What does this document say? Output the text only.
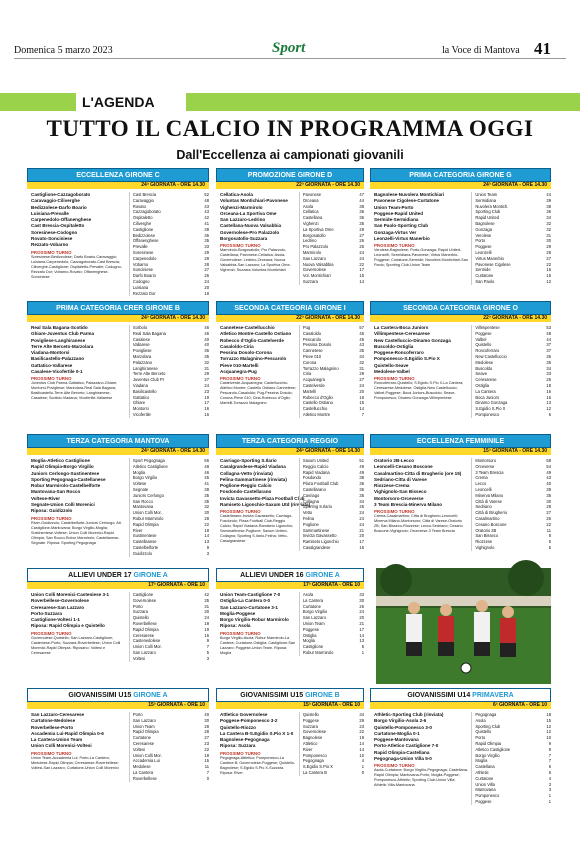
Domenica 5 marzo 2023	Sport	la Voce di Mantova 41
L'AGENDA
TUTTO IL CALCIO IN PROGRAMMA OGGI
Dall'Eccellenza ai campionati giovanili
ECCELLENZA GIRONE C
24ª GIORNATA - ORE 14.30
Castiglione-Cazzagoborato
Caravaggio-Ciliverghe
Bedizzolese-Darfo Boario
Luisiana-Prevalle
Carpenedolo-Offanenghese
Cast Brescia-Ospitaletto
Soresinese-Codogno
Rovato-Sonciniese
Rezzato-Vobarno
PROSSIMO TURNO
Soresinese-Bedizzolese; Darfo Boario-Caravaggio; Luisiana-Carpenedolo; Cazzagoborato-Cast Brescia; Ciliverghe-Castiglione; Ospitaletto-Prevalle; Codogno-Rezzato Dor; Vobarno-Rovato; Offanenghese-Sonciniese
Cast Brescia	52
Caravaggio	48
Rovato	43
Cazzagoborato	43
Ospitaletto	42
Ciliverghe	41
Castiglione	39
Bedizzolese	36
Offanenghese	35
Prevalle	33
Soresinese	29
Carpenedolo	28
Vobarno	28
Sonciniese	27
Darfo Boario	26
Codogno	24
Luisiana	20
Rezzato Dor	18
PROMOZIONE GIRONE D
22ª GIORNATA - ORE 14.30
Cellatica-Asola
Voluntas Montichiari-Pavonese
Vighenzi-Marmirolo
Orceana-La Sportiva Ome
San Lazzaro-Ledrino
Castellana-Nuova Valsabbia
Governolese-Pro Palazzolo
Borgosatollo-Suzzara
PROSSIMO TURNO
Marmirolo-Borgosatollo; Pro Palazzolo-Castellana; Pavonese-Cellatica; Asola-Governolese; Ledrino-Orceana; Nuova Valsabbia-San Lazzaro; La Sportiva Ome-Vighenzi; Suzzara-Voluntas Montichiari
Pavonese	47
Orceana	44
Asola	38
Cellatica	36
Castellana	36
Vighenzi	35
La Sportiva Ome	29
Borgosatollo	27
Ledrino	26
Pro Palazzolo	25
Marmirolo	24
San Lazzaro	24
Nuova Valsabbia	22
Governolese	17
Vol. Montichiari	15
Suzzara	14
PRIMA CATEGORIA GIRONE G
24ª GIORNATA - ORE 14.30
Bagnolese-Nuvolera Montichiari
Pavonese Cigolese-Curtatone
Union Team-Porto
Poggese-Rapid United
Sermide-Sermidiana
San Paolo-Sporting Club
Gonzaga-Virtus Ver
Leonzelli-Virtus Manerbio
PROSSIMO TURNO
Verolese-Bagnolese; Porto-Gonzaga; Rapid United-Leonzelli; Sermidiana-Pavonese; Virtus Manerbio-Poggese; Curtatone-Sermide; Nuvolera Montichiari-San Paolo; Sporting Club-Union Team
Union Team	44
Sermidiana	39
Nuvolera Montich.	38
Sporting Club	36
Rapid United	34
Bagnolese	32
Gonzaga	32
Verolese	31
Porto	30
Poggese	29
Leonzelli	28
Virtus Manerbio	27
Pavonese Cigolese	22
Sermide	16
Curtatone	15
San Paolo	12
PRIMA CATEGORIA CRER GIRONE B
24ª GIORNATA - ORE 14.30
Real Sala Bagana-Scotido
Ghiare-Juventus Club Parma
Povigliese-Langhiranese
Terre Alte Berceto-Marzolara
Viadana-Montorsi
Basilicastello-Palazzano
Gattatico-Vallarese
Casalese-Vicofertile 0-1
PROSSIMO TURNO
Juventus Club Parma-Gattatico; Palazzano-Ghiare; Montorsi-Povigliese; Marzolara-Real Sala Bagana; Basilicastello-Terre Alte Berceto; Langhiranese-Casalese; Scotido-Viadana; Vicofertile-Vallarese
Sorbolo	46
Real Sala Bagana	45
Casalese	40
Vallarese	40
Povigliese	36
Marzolara	35
Palazzano	32
Langhiranese	31
Terre Alte Berceto	29
Juventus Club Pr	27
Viadana	24
Basilicastello	23
Gattatico	19
Ghiare	17
Montorsi	16
Vicofertile	16
SECONDA CATEGORIA GIRONE I
22ª GIORNATA - ORE 14.30
Cannetese-Castellucchio
Atletico Montre-Castello Ostiano
Robecco d'Oglio-Castelverde
Casaloldo-Ciria
Pessina Dosolo-Corona
Torrazzo Malagnino-Pescarolo
Pieve 010-Martelli
Acquanegra-Pug
PROSSIMO TURNO
Castelverde-Acquanegra; Castellucchio-Atletico Montre; Castello Ostiano-Cannetese; Pescarolo-Casaloldo; Pug-Pessina Dosolo; Corona-Pieve 010; Ciria-Robecco d'Oglio; Martelli-Torrazzo Malagnino
Pug	57
Casaloldo	45
Pescarolo	45
Pessina Dosolo	43
Cannetese	35
Pieve 010	34
Corona	32
Torrazzo Malagnino	31
Ciria	29
Acquanegra	27
Castelverde	24
Martelli	20
Robecco d'Oglio	16
Castello Ostiano	15
Castellucchio	14
Atletico Montre	7
SECONDA CATEGORIA GIRONE O
22ª GIORNATA - ORE 14.30
La Cantera-Boca Juniors
Villimpentese-Ceresarese
New Castelluccio-Dinamo Gonzaga
Buscoldo-Ostiglia
Poggese-Roncoferraro
Pomponesco-S.Egidio S.Pio X
Quistello-Seave
Medolese-Valbel
PROSSIMO TURNO
Roncoferraro-Quistello; S.Egidio S.Pio X-La Cantera; Ceresarese-Medolese; Ostiglia-New Castelluccio; Valbel-Poggese; Boca Juniors-Buscoldo; Seave-Pomponesco; Dinamo Gonzaga-Villimpentese
Villimpentese	53
Poggese	48
Valbel	44
Quistello	37
Roncoferraro	37
New Castelluccio	36
Medolese	35
Buscoldo	34
Seave	33
Ceresarese	25
Ostiglia	18
La Cantera	16
Boca Juniors	16
Dinamo Gonzaga	13
S.Egidio S.Pio X	12
Pomponesco	6
TERZA CATEGORIA MANTOVA
24ª GIORNATA - ORE 14.30
Moglia-Atletico Castiglione
Rapid Olimpia-Borgo Virgilio
Juniors Cerlongo-Sustinentese
Sporting Pegognaga-Castellanese
Robur Marmirolo-Castelbelforte
Mantovana-San Rocco
Voltese-River
Segnate-Union Colli Morenici
Riposa: Guidizzolo
PROSSIMO TURNO
River-Guidizzolo; Castelbelforte-Juniors Cerlongo; Atl. Castiglione-Mantovana; Borgo Virgilio-Moglia; Sustinentese-Voltese; Union Colli Morenici-Rapid Olimpia; San Rocco-Robur Marmirolo; Castellanese-Segnate. Riposa: Sporting Pegognaga
Sport Pegognaga	56
Atletico Castiglione	48
Moglia	46
Borgo Virgilio	45
Voltese	41
Segnate	38
Juniors Cerlongo	35
San Rocco	35
Mantovana	32
Union Colli Mor.	30
Robur Marmirolo	28
Rapid Olimpia	22
River	18
Sustinentese	14
Castellanese	13
Castelbelforte	9
Guidizzolo	3
TERZA CATEGORIA REGGIO
24ª GIORNATA - ORE 14.30
Cavriago-Sporting S.Ilario
Casalgrandese-Rapid Viadana
Collagna-Vetto (rinviata)
Felina-Sammartinese (rinviata)
Poglione-Reggio Calcio
Fosdondo-Castellarano
Invicta Gavassetto-Plaza Football Club
Ramiseto Ligonchio-Saxum Utd (rinviata)
PROSSIMO TURNO
Castellarano-Invicta Gavassetto; Cavriago-Fosdondo; Plaza Football Club-Reggio Calcio; Rapid Viadana-Ramiseto Ligonchio; Sammartinese-Poglione; Saxum United-Collagna; Sporting S.Ilario-Felina; Vetto-Casalgrandese
Saxum United	51
Reggio Calcio	49
Rapid Viadana	49
Fosdondo	38
Plaza Football Club	36
Castellarano	36
Cavriago	35
Collagna	34
Sporting S.Ilario	25
Vetto	24
Felina	24
Poglione	24
Sammartinese	21
Invicta Gavassetto	20
Ramiseto Ligonchio	17
Casalgrandese	16
ECCELLENZA FEMMINILE
15ª GIORNATA - ORE 14.30
Oratorio 2B-Lecco
Leoncelli-Cesano Boscone
Casalmartino-Citta di Brugherio (ore 15)
Sedriano-Citta di Varese
Riozzese-Crema
Vighignolo-San Bisseco
Montorsoro-Orceverse
3 Team Brescia-Minerva Milano
PROSSIMO TURNO
Crema-Casalmartino; Citta di Brugherio-Leoncelli; Minerva Milano-Montorsoro; Città di Varese-Oratorio 2B; San Bisseco-Riozzese; Lecco-Sedriano; Cesano Boscone-Vighignolo; Orceverse-3 Team Brescia
Montorsoro	58
Orceverse	54
3 Team Brescia	49
Crema	43
Lecco	40
Leoncelli	39
Minerva Milano	35
Città di Varese	30
Sedriano	28
Città di Brugherio	27
Casalmartino	26
Cesano Boscone	22
Oratorio 2B	11
San Bisseco	8
Riozzese	5
Vighignolo	5
ALLIEVI UNDER 17 GIRONE A
17ª GIORNATA - ORE 10
Union Colli Morenici-Casteniese 3-1
Roverbellese-Governolese
Ceresarese-San Lazzaro
Porto-Suzzara
Castiglione-Voltesi 1-1
Riposa: Rapid Olimpia e Quistello
PROSSIMO TURNO
Governolese-Quistello; San Lazzaro-Castiglione; Casteniese-Porto; Suzzara-Roverbellese; Union Colli Morenici-Rapid Olimpia. Riposano: Voltesi e Ceresarese
Castiglione	42
Governolese	35
Porto	31
Suzzara	30
Quistello	24
Roverbellese	19
Rapid Olimpia	19
Ceresarese	16
Castenedolese	9
Union Colli Mor.	7
San Lazzaro	5
Voltesi	3
ALLIEVI UNDER 16 GIRONE A
17ª GIORNATA - ORE 10
Union Team-Castiglione 7-0
Ostiglia-La Cantera 0-0
San Lazzaro-Curtatone 3-1
Moglia-Poggese
Borgo Virgilio-Robur Marmirolo
Riposa: Asola
PROSSIMO TURNO
Borgo Virgilio-Asola; Robur Marmirolo-La Cantera; Curtatone-Ostiglia; Castiglione-San Lazzaro; Poggese-Union Team. Riposa: Moglia
Asola	33
La Cantera	30
Curtatone	26
Borgo Virgilio	24
San Lazzaro	20
Union Team	21
Poggese	17
Ostiglia	14
Moglia	13
Castiglione	5
Robur Marmirolo	1
GIOVANISSIMI U15 GIRONE A
15ª GIORNATA - ORE 10
San Lazzaro-Ceresarese
Curtatone-Medolese
Roverbellese-Porto
Accademia Lui-Rapid Olimpia 0-6
La Cantera-Union Team
Union Colli Morenici-Voltesi
PROSSIMO TURNO
Union Team-Accademia Lui; Porto-La Cantera; Medolese-Rapid Olimpia; Ceresarese-Roverbellese; Voltesi-San Lazzaro; Curtatone-Union Colli Morenici
Porto	40
San Lazzaro	30
Union Team	28
Rapid Olimpia	28
Curtatone	27
Ceresarese	23
Voltesi	22
Union Colli Mor.	18
Accademia Lui	15
Medolese	11
La Cantera	7
Roverbellese	0
GIOVANISSIMI U15 GIRONE B
15ª GIORNATA - ORE 10
Attletico Governolese
Poggese-Pomponesco 3-2
Quistello-Riozzo
La Cantera B-S.Egidio S.Pio X 1-0
Bagnolese-Pegognaga
Riposa: Suzzara
PROSSIMO TURNO
Pegognaga-Attletico; Pomponesco-La Cantera B; Governolese-Poggese; Quistello-Bagnolese; S.Egidio S.Pio X-Suzzara. Riposa: River
Quistello	34
Poggese	29
Suzzara	23
Governolese	22
Bagnolese	19
Attletico	14
River	14
Pomponesco	10
Pegognaga	4
S.Egidio S.Pio X	1
La Cantera B	0
GIOVANISSIMI U14 PRIMAVERA
6ª GIORNATA - ORE 10
Athletic-Sporting Club (rinviata)
Borgo Virgilio-Asola 2-6
Quistello-Pomponesco 3-0
Curtatone-Moglia 0-1
Poggese-Mantovana
Porto-Atletico Castiglione 7-0
Rapid Olimpia-Castellana
Pegognaga-Union Villa 5-0
PROSSIMO TURNO
Asola-Curtatone; Borgo Virgilio-Pegognaga; Castellana-Rapid Olimpia; Mantovana-Porto; Moglia-Poggese; Pomponesco-Athletic; Sporting Club-Union Villa; Athletic Villa-Mantovana
Pegognaga	18
Asola	15
Sporting Club	12
Quistello	12
Porto	10
Rapid Olimpia	9
Atletico Castiglione	9
Borgo Virgilio	7
Moglia	7
Castellana	6
Athletic	6
Curtatone	4
Union Villa	3
Mantovana	3
Pomponesco	1
Poggese	1
